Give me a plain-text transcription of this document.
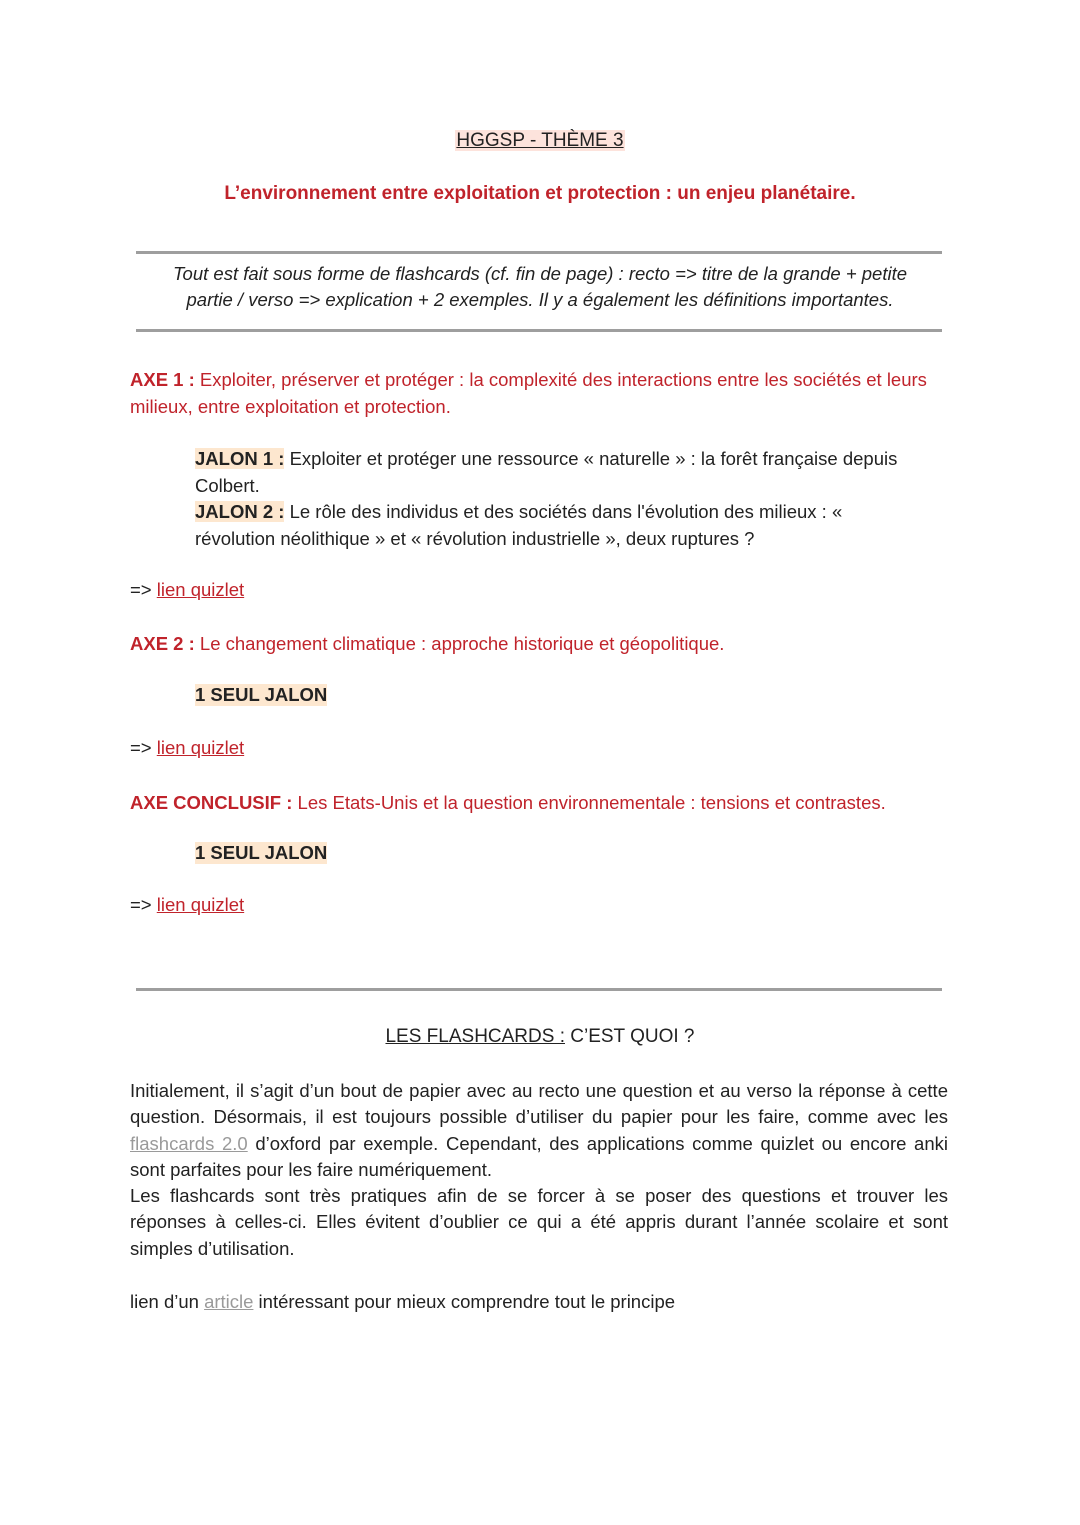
HGGSP - THÈME 3
L’environnement entre exploitation et protection : un enjeu planétaire.
Tout est fait sous forme de flashcards (cf. fin de page) : recto => titre de la grande + petite
partie / verso => explication + 2 exemples. Il y a également les définitions importantes.
AXE 1 : Exploiter, préserver et protéger : la complexité des interactions entre les sociétés et leurs milieux, entre exploitation et protection.
JALON 1 : Exploiter et protéger une ressource « naturelle » : la forêt française depuis Colbert.
JALON 2 : Le rôle des individus et des sociétés dans l'évolution des milieux : « révolution néolithique » et « révolution industrielle », deux ruptures ?
=> lien quizlet
AXE 2 : Le changement climatique : approche historique et géopolitique.
1 SEUL JALON
=> lien quizlet
AXE CONCLUSIF : Les Etats-Unis et la question environnementale : tensions et contrastes.
1 SEUL JALON
=> lien quizlet
LES FLASHCARDS : C’EST QUOI ?
Initialement, il s’agit d’un bout de papier avec au recto une question et au verso la réponse à cette question. Désormais, il est toujours possible d’utiliser du papier pour les faire, comme avec les flashcards 2.0 d’oxford par exemple. Cependant, des applications comme quizlet ou encore anki sont parfaites pour les faire numériquement.
Les flashcards sont très pratiques afin de se forcer à se poser des questions et trouver les réponses à celles-ci. Elles évitent d’oublier ce qui a été appris durant l’année scolaire et sont simples d’utilisation.
lien d’un article intéressant pour mieux comprendre tout le principe
